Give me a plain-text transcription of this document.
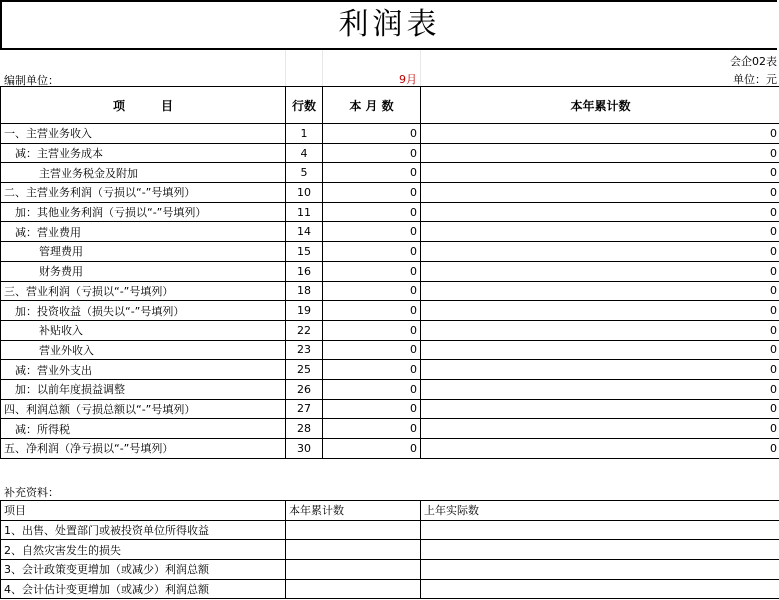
利润表
会企02表
编制单位：	9月	单位：元
项　　　目	行数	本 月 数	本年累计数
一、主营业务收入	1	0	0
减：主营业务成本	4	0	0
主营业务税金及附加	5	0	0
二、主营业务利润（亏损以“-”号填列）	10	0	0
加：其他业务利润（亏损以“-”号填列）	11	0	0
减：营业费用	14	0	0
管理费用	15	0	0
财务费用	16	0	0
三、营业利润（亏损以“-”号填列）	18	0	0
加：投资收益（损失以“-”号填列）	19	0	0
补贴收入	22	0	0
营业外收入	23	0	0
减：营业外支出	25	0	0
加：以前年度损益调整	26	0	0
四、利润总额（亏损总额以“-”号填列）	27	0	0
减：所得税	28	0	0
五、净利润（净亏损以“-”号填列）	30	0	0
补充资料：
项目	本年累计数	上年实际数
1、出售、处置部门或被投资单位所得收益		
2、自然灾害发生的损失		
3、会计政策变更增加（或减少）利润总额		
4、会计估计变更增加（或减少）利润总额		
